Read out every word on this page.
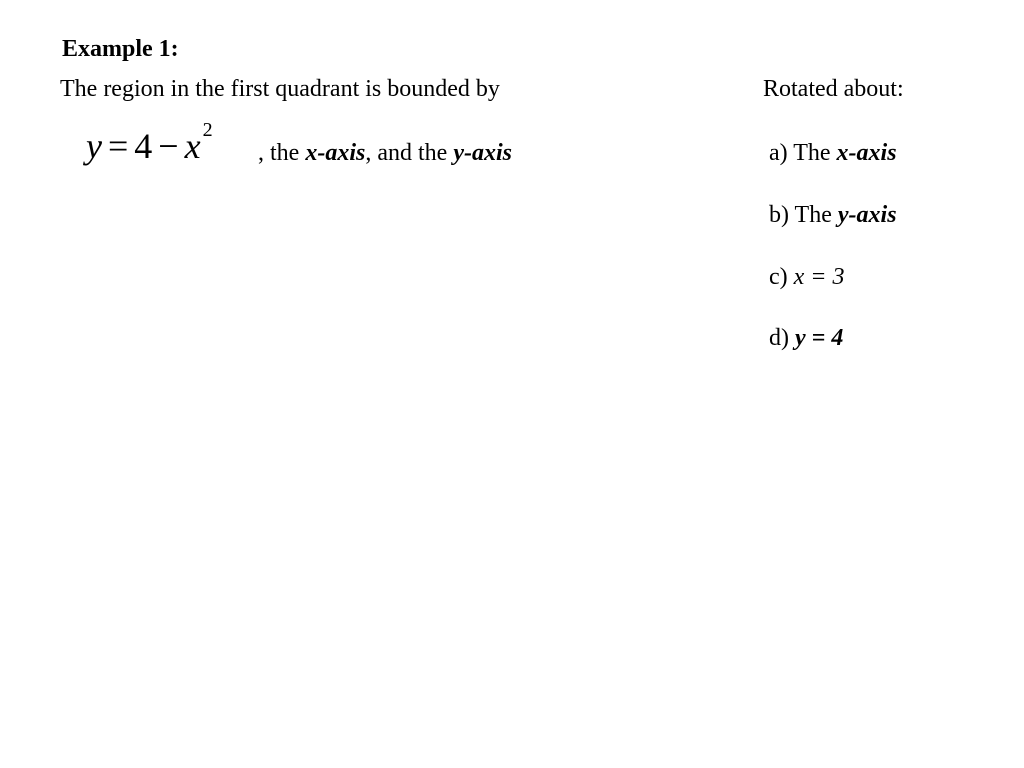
Example 1:
The region in the first quadrant is bounded by	Rotated about:
y = 4 − x $^2$
, the x-axis, and the y-axis	a) The x-axis
b) The y-axis
c) x = 3
d) y = 4
